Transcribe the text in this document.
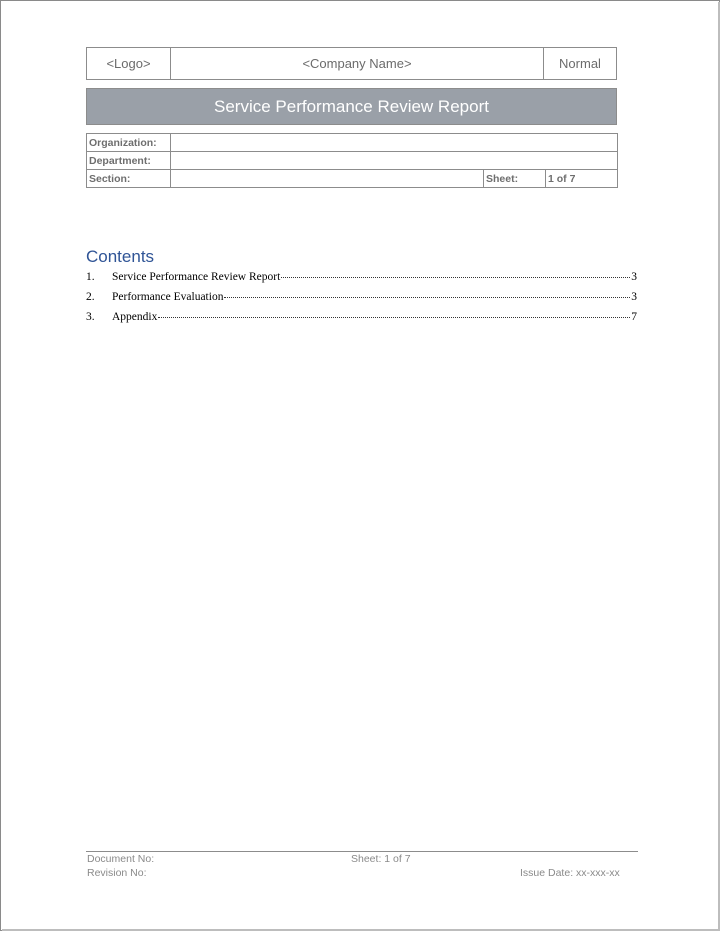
<Logo>	<Company Name>	Normal
Service Performance Review Report
Organization:			
Department:			
Section:		Sheet:	1 of 7
Contents
1.	Service Performance Review Report	3
2.	Performance Evaluation	3
3.	Appendix	7
Document No:
Revision No:
Sheet: 1 of 7
Issue Date: xx-xxx-xx
